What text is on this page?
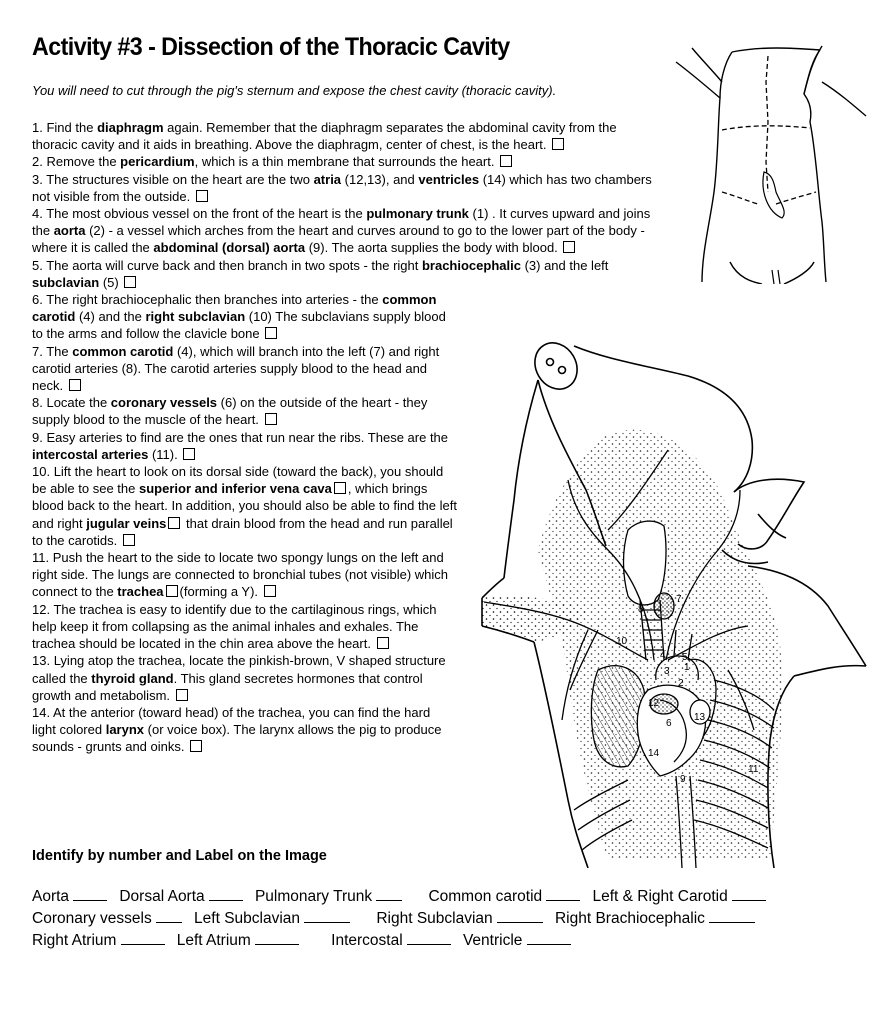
Activity #3 - Dissection of the Thoracic Cavity
You will need to cut through the pig's sternum and expose the chest cavity (thoracic cavity).

1. Find the diaphragm again. Remember that the diaphragm separates the abdominal cavity from the thoracic cavity and it aids in breathing. Above the diaphragm, center of chest, is the heart.

2. Remove the pericardium, which is a thin membrane that surrounds the heart.

3. The structures visible on the heart are the two atria (12,13), and ventricles (14) which has two chambers not visible from the outside.

4. The most obvious vessel on the front of the heart is the pulmonary trunk (1) . It curves upward and joins the aorta (2) - a vessel which arches from the heart and curves around to go to the lower part of the body -where it is called the abdominal (dorsal) aorta (9). The aorta supplies the body with blood.

5. The aorta will curve back and then branch in two spots - the right brachiocephalic (3) and the left subclavian (5)

6. The right brachiocephalic then branches into arteries - the common carotid (4) and the right subclavian (10) The subclavians supply blood to the arms and follow the clavicle bone

7. The common carotid (4), which will branch into the left (7) and right carotid arteries (8). The carotid arteries supply blood to the head and neck.

8. Locate the coronary vessels (6) on the outside of the heart - they supply blood to the muscle of the heart.

9. Easy arteries to find are the ones that run near the ribs. These are the intercostal arteries (11).

10. Lift the heart to look on its dorsal side (toward the back), you should be able to see the superior and inferior vena cava , which brings blood back to the heart. In addition, you should also be able to find the left and right jugular veins that drain blood from the head and run parallel to the carotids.

11. Push the heart to the side to locate two spongy lungs on the left and right side. The lungs are connected to bronchial tubes (not visible) which connect to the trachea (forming a Y).

12. The trachea is easy to identify due to the cartilaginous rings, which help keep it from collapsing as the animal inhales and exhales. The trachea should be located in the chin area above the heart.

13. Lying atop the trachea, locate the pinkish-brown, V shaped structure called the thyroid gland. This gland secretes hormones that control growth and metabolism.

14. At the anterior (toward head) of the trachea, you can find the hard light colored larynx (or voice box). The larynx allows the pig to produce sounds - grunts and oinks.

1
2
3
4 5
6
7
8
9
10
11
12
13
14
Identify by number and Label on the Image
Aorta	Dorsal Aorta	Pulmonary Trunk	Common carotid	Left & Right Carotid
Coronary vessels Left Subclavian	Right Subclavian	Right Brachiocephalic
Right Atrium	Left Atrium	Intercostal	Ventricle
